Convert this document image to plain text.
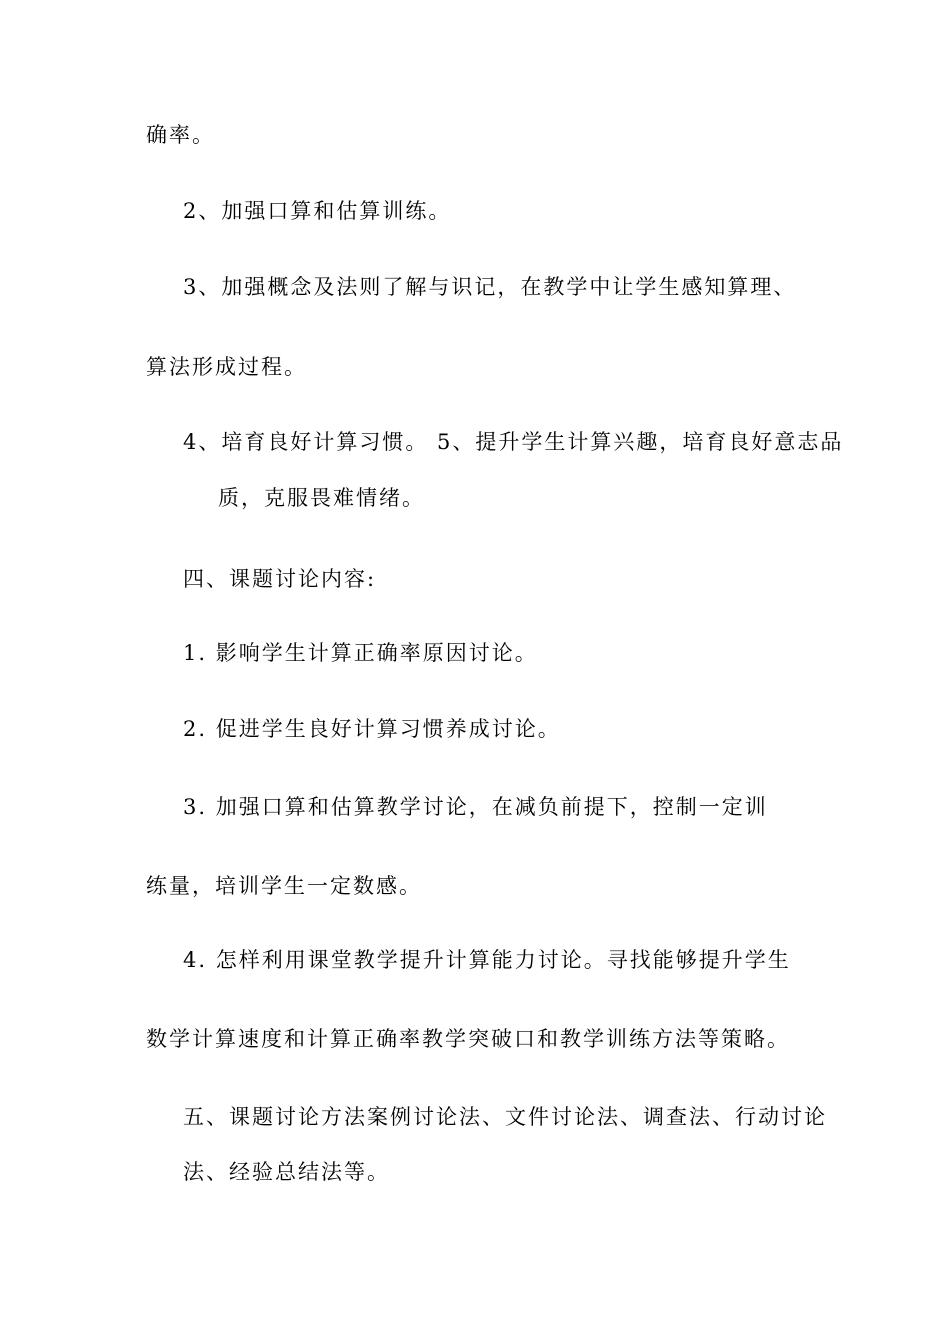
确率。
2、加强口算和估算训练。
3、加强概念及法则了解与识记，在教学中让学生感知算理、
算法形成过程。
4、培育良好计算习惯。 5、提升学生计算兴趣，培育良好意志品
质，克服畏难情绪。
四、课题讨论内容:
1. 影响学生计算正确率原因讨论。
2. 促进学生良好计算习惯养成讨论。
3. 加强口算和估算教学讨论，在减负前提下，控制一定训
练量，培训学生一定数感。
4. 怎样利用课堂教学提升计算能力讨论。寻找能够提升学生
数学计算速度和计算正确率教学突破口和教学训练方法等策略。
五、课题讨论方法案例讨论法、文件讨论法、调查法、行动讨论
法、经验总结法等。
